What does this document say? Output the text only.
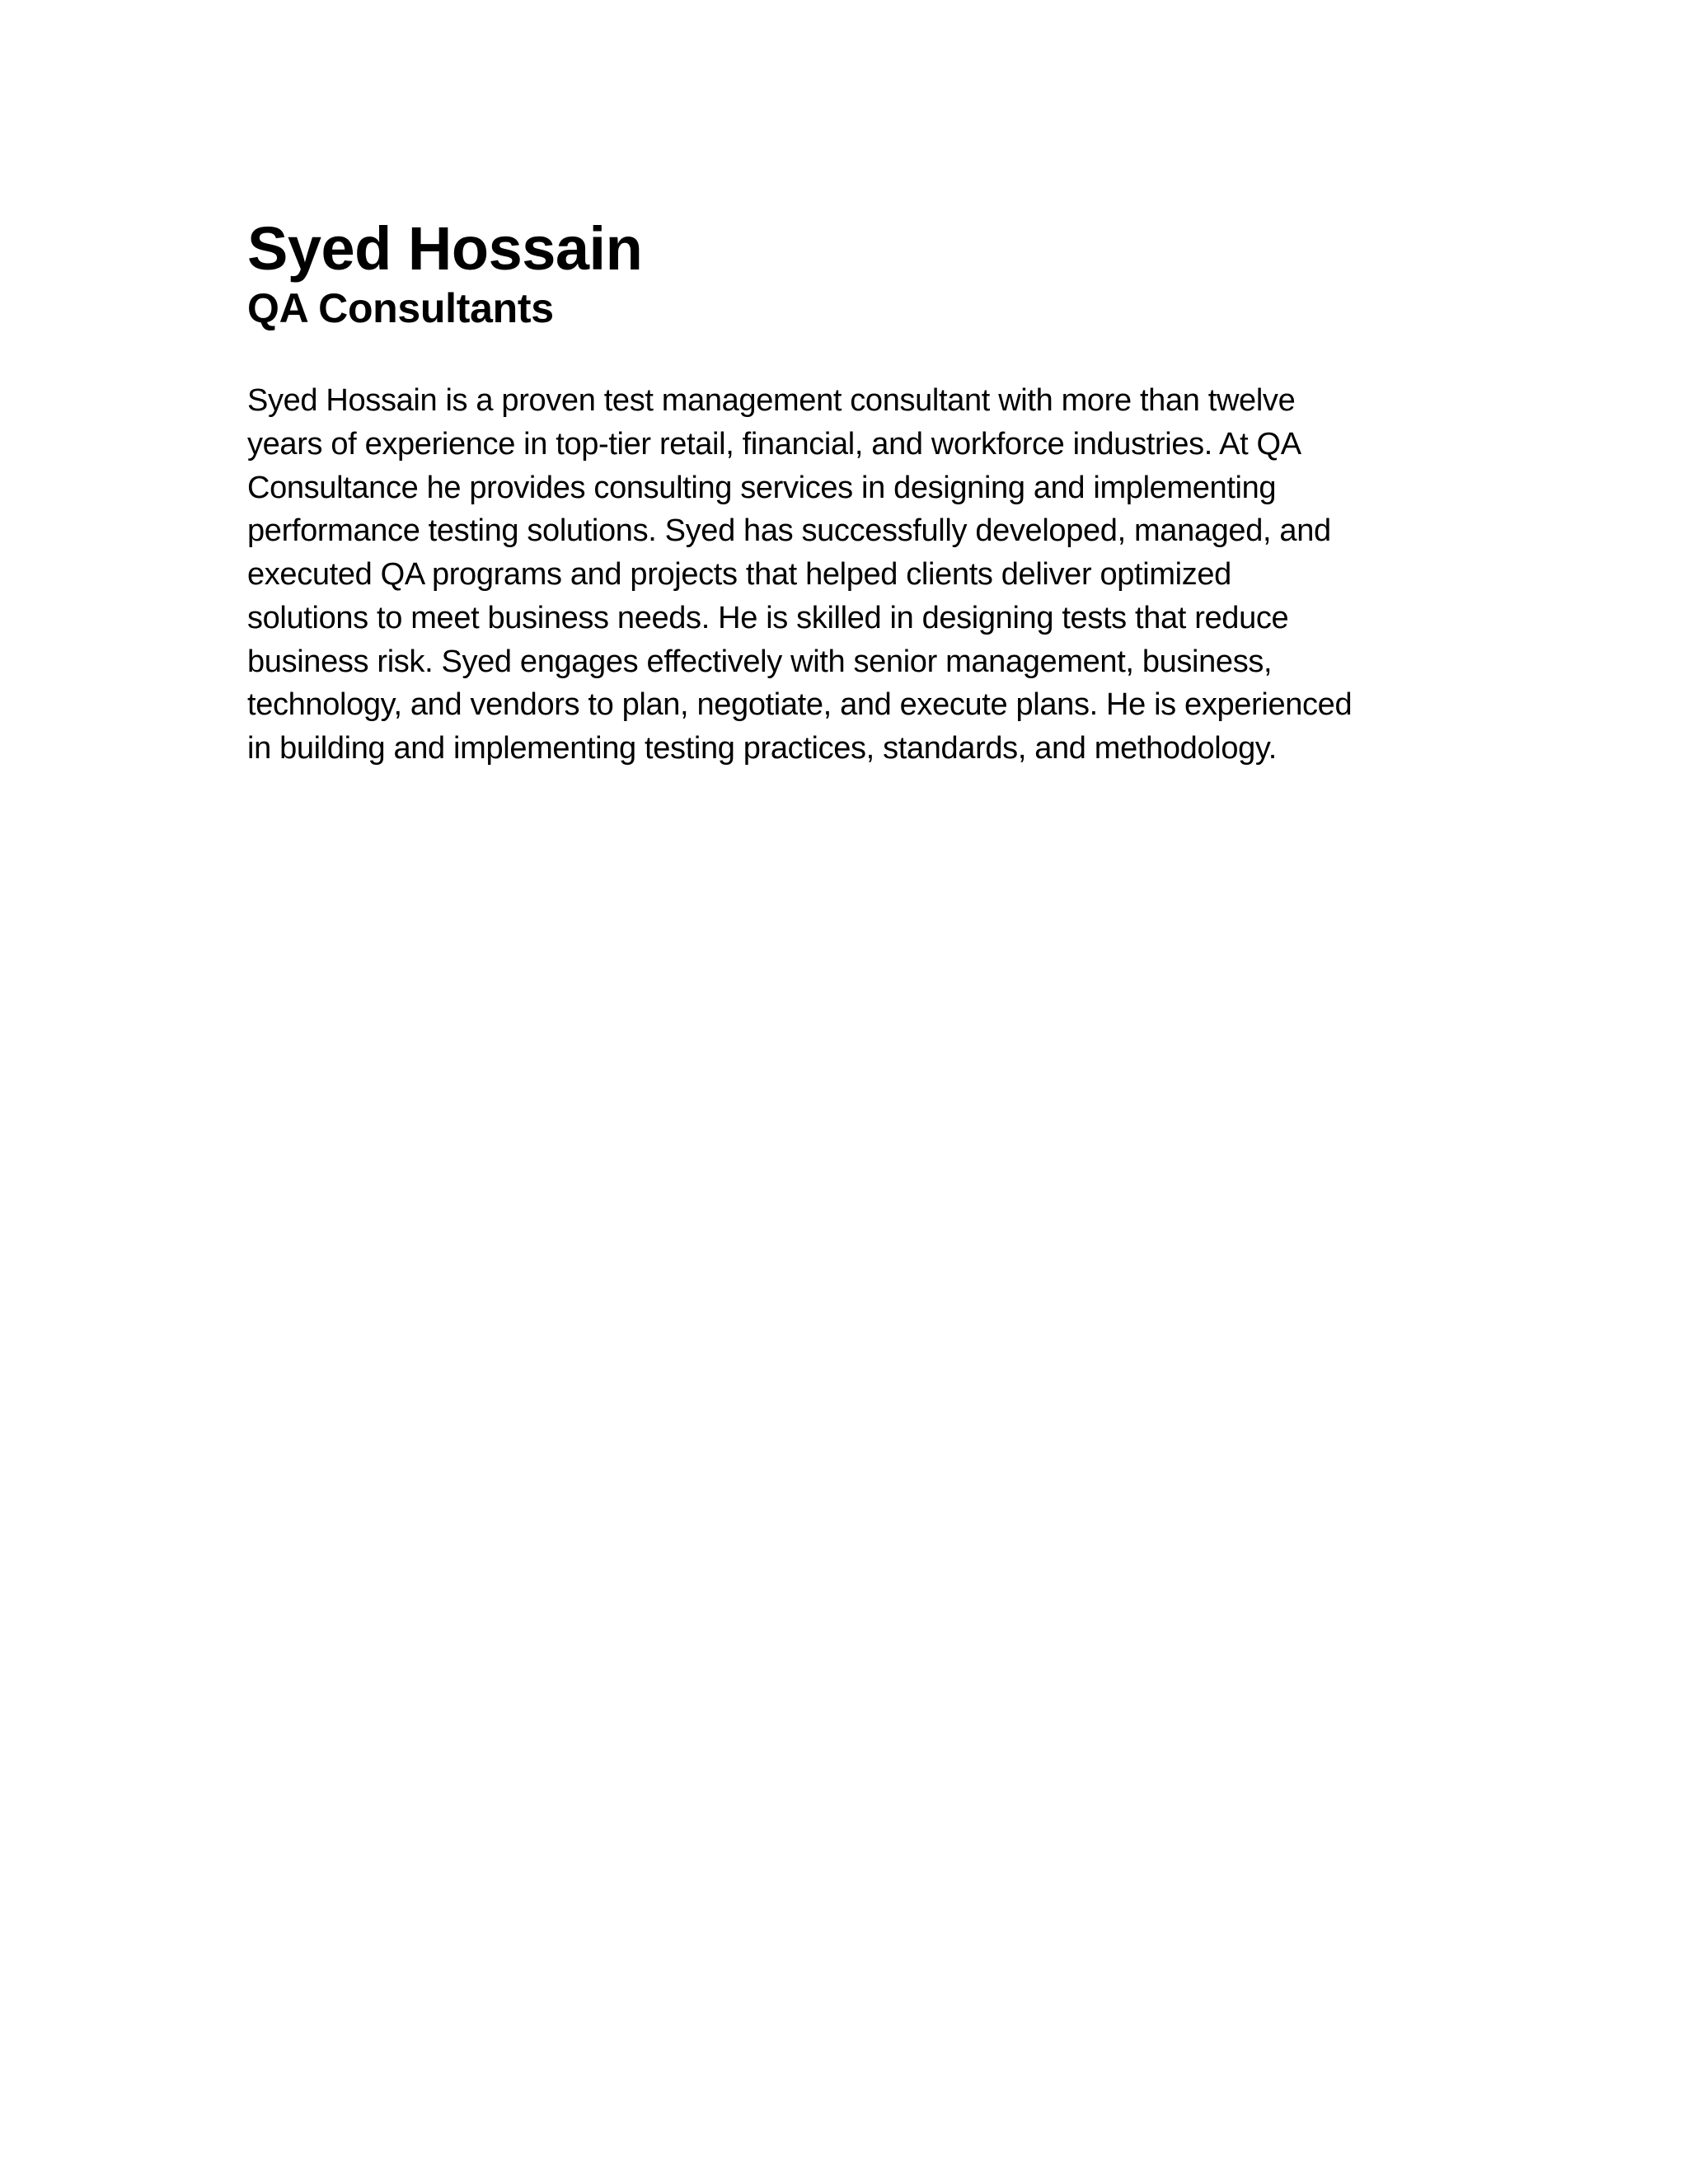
Syed Hossain
QA Consultants

Syed Hossain is a proven test management consultant with more than twelve
years of experience in top-tier retail, financial, and workforce industries. At QA
Consultance he provides consulting services in designing and implementing
performance testing solutions. Syed has successfully developed, managed, and
executed QA programs and projects that helped clients deliver optimized
solutions to meet business needs. He is skilled in designing tests that reduce
business risk. Syed engages effectively with senior management, business,
technology, and vendors to plan, negotiate, and execute plans. He is experienced
in building and implementing testing practices, standards, and methodology.
